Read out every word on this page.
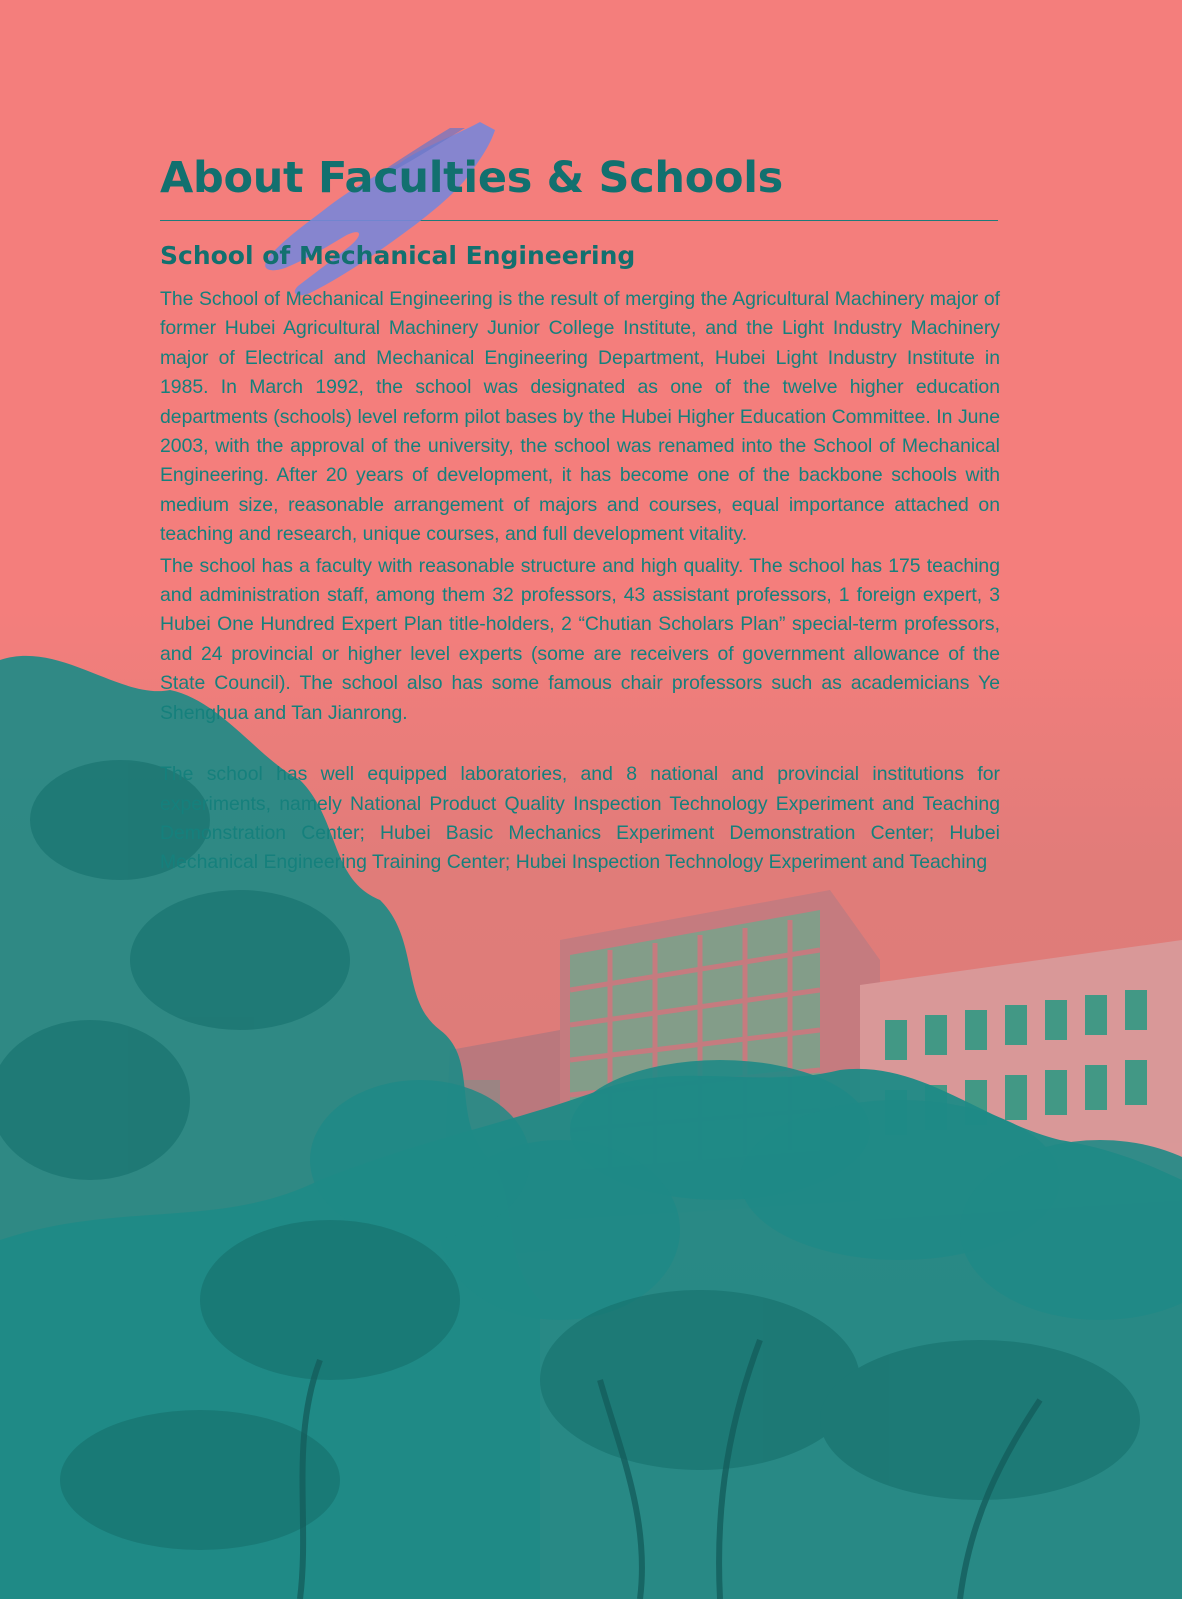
About Faculties & Schools
School of Mechanical Engineering

The School of Mechanical Engineering is the result of merging the Agricultural Machinery major of former Hubei Agricultural Machinery Junior College Institute, and the Light Industry Machinery major of Electrical and Mechanical Engineering Department, Hubei Light Industry Institute in 1985. In March 1992, the school was designated as one of the twelve higher education departments (schools) level reform pilot bases by the Hubei Higher Education Committee. In June 2003, with the approval of the university, the school was renamed into the School of Mechanical Engineering. After 20 years of development, it has become one of the backbone schools with medium size, reasonable arrangement of majors and courses, equal importance attached on teaching and research, unique courses, and full development vitality.

The school has a faculty with reasonable structure and high quality. The school has 175 teaching and administration staff, among them 32 professors, 43 assistant professors, 1 foreign expert, 3 Hubei One Hundred Expert Plan title-holders, 2 “Chutian Scholars Plan” special-term professors, and 24 provincial or higher level experts (some are receivers of government allowance of the State Council). The school also has some famous chair professors such as academicians Ye Shenghua and Tan Jianrong.

The school has well equipped laboratories, and 8 national and provincial institutions for experiments, namely National Product Quality Inspection Technology Experiment and Teaching Demonstration Center; Hubei Basic Mechanics Experiment Demonstration Center; Hubei Mechanical Engineering Training Center; Hubei Inspection Technology Experiment and Teaching
